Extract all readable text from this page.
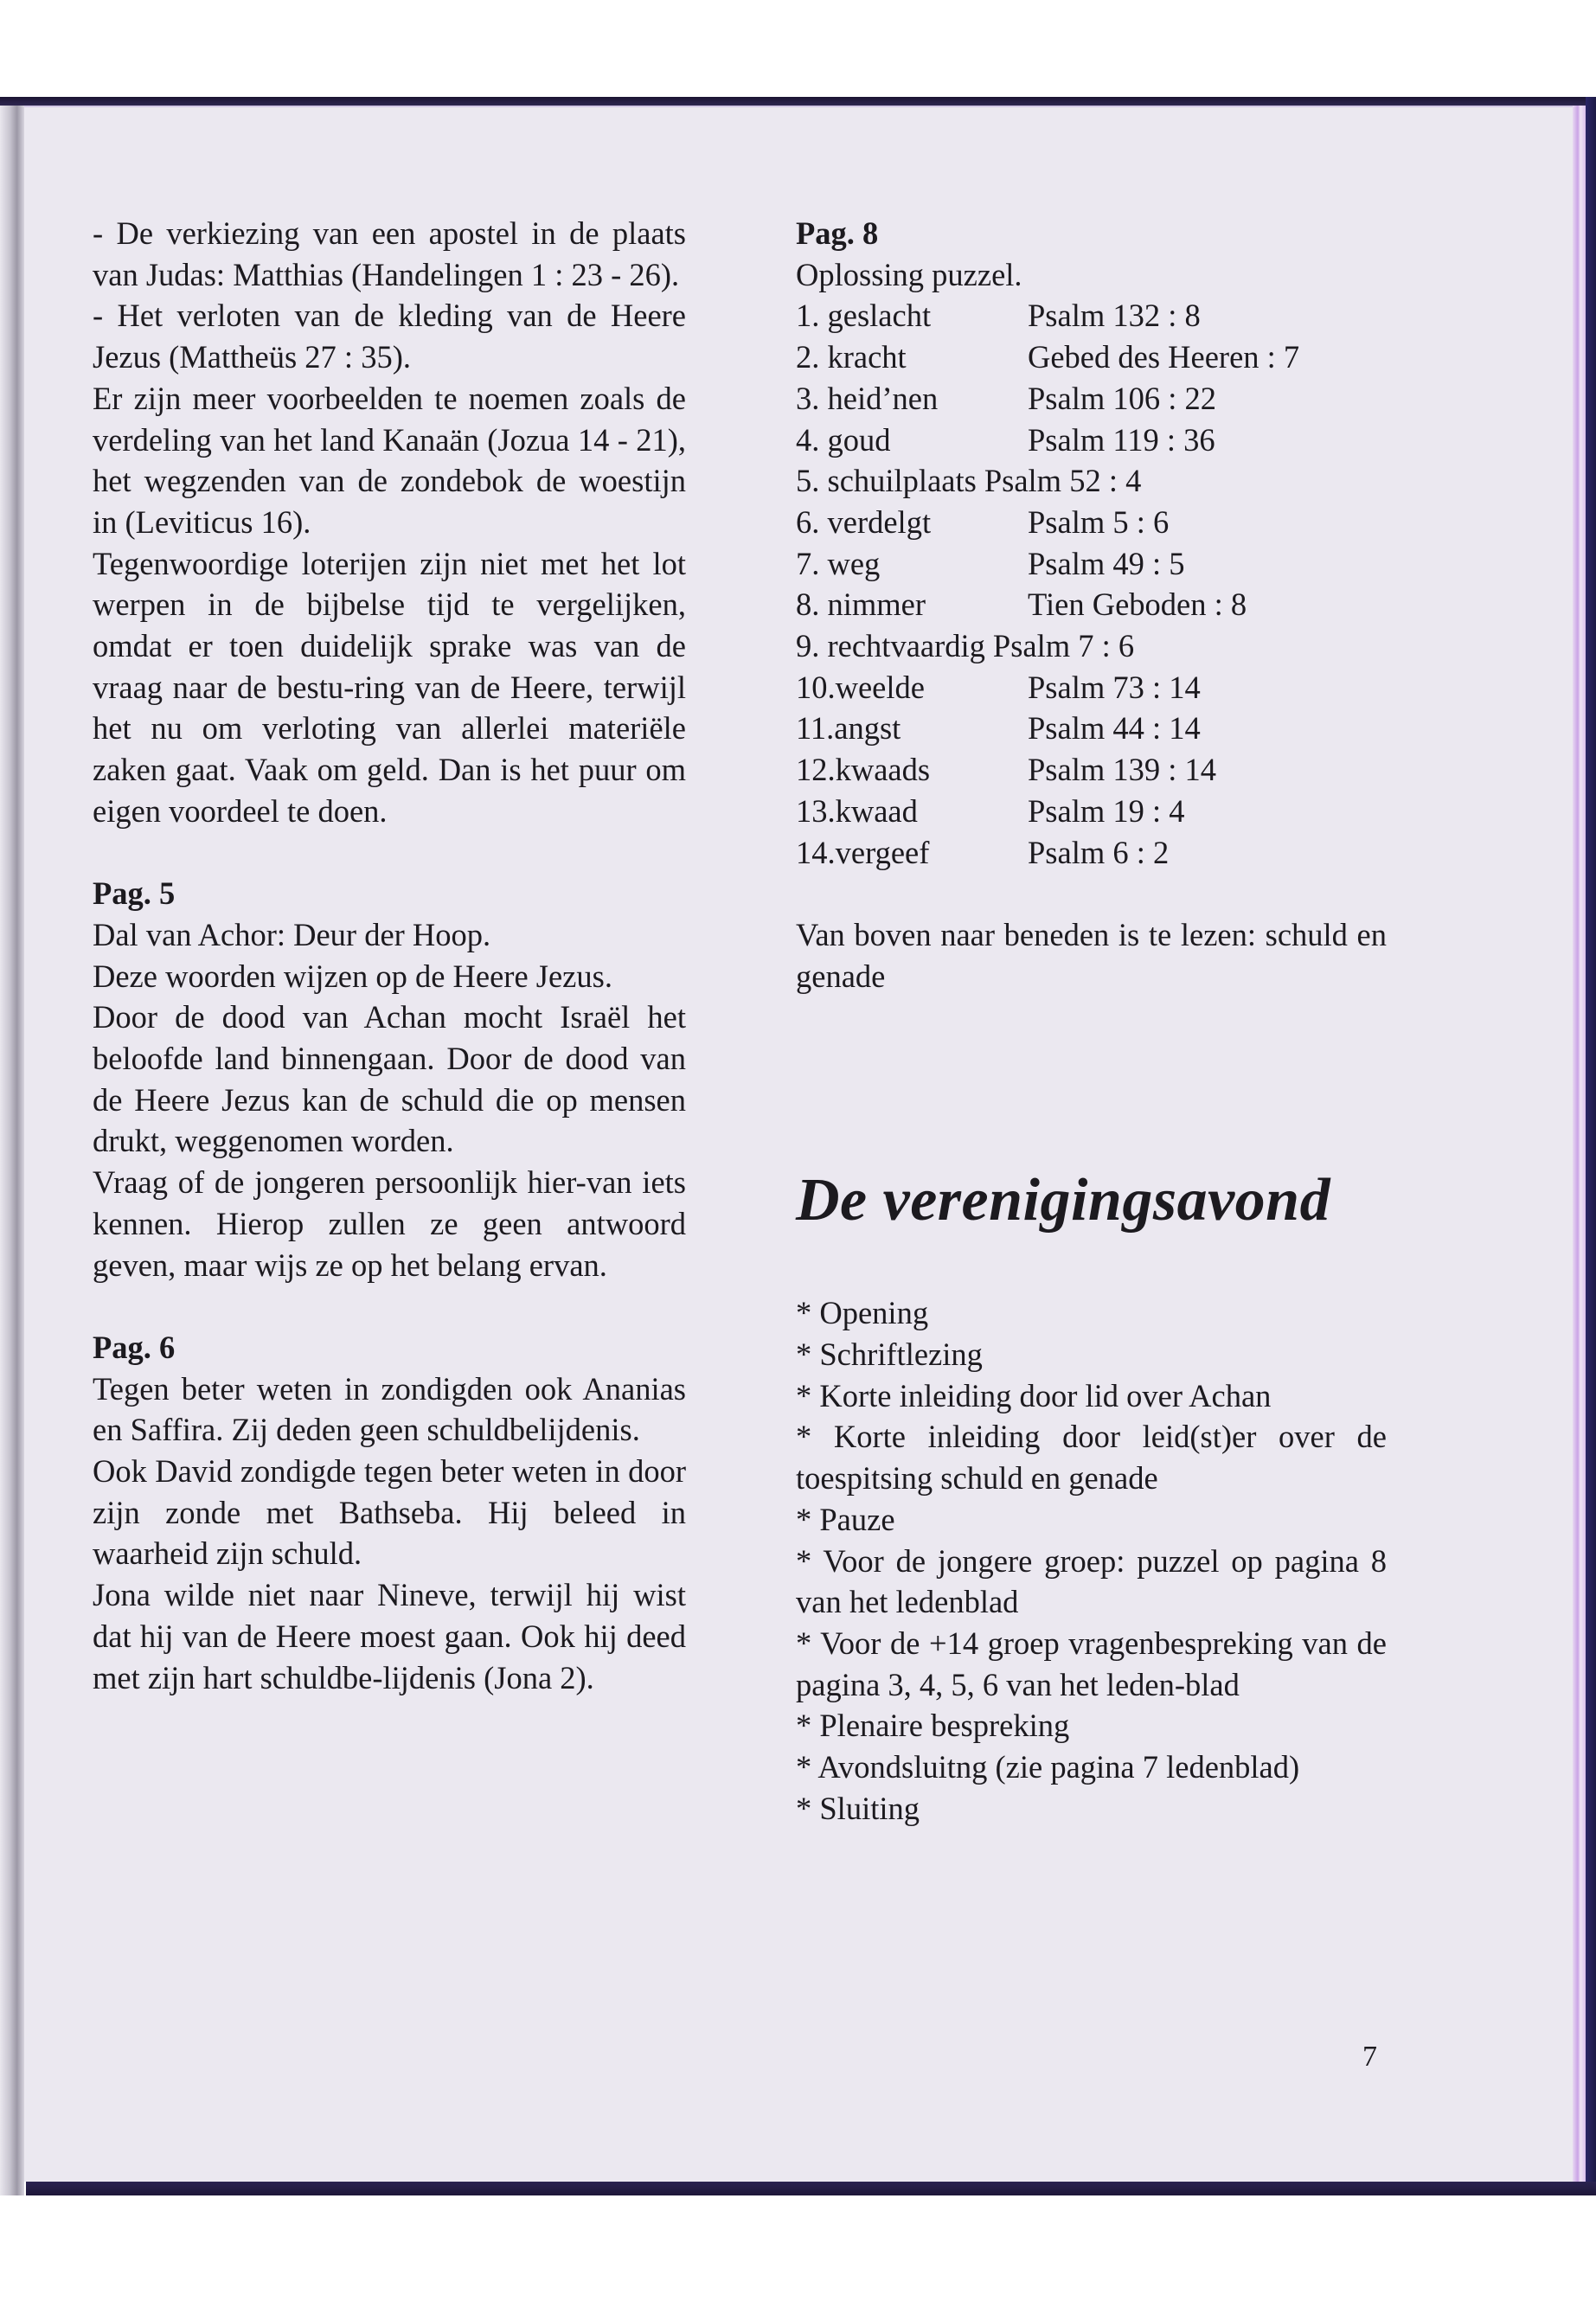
- De verkiezing van een apostel in de plaats van Judas: Matthias (Handelingen 1 : 23 - 26).

- Het verloten van de kleding van de Heere Jezus (Mattheüs 27 : 35).

Er zijn meer voorbeelden te noemen zoals de verdeling van het land Kanaän (Jozua 14 - 21), het wegzenden van de zondebok de woestijn in (Leviticus 16).

Tegenwoordige loterijen zijn niet met het lot werpen in de bijbelse tijd te vergelijken, omdat er toen duidelijk sprake was van de vraag naar de bestu-ring van de Heere, terwijl het nu om verloting van allerlei materiële zaken gaat. Vaak om geld. Dan is het puur om eigen voordeel te doen.

Pag. 5

Dal van Achor: Deur der Hoop.

Deze woorden wijzen op de Heere Jezus.

Door de dood van Achan mocht Israël het beloofde land binnengaan. Door de dood van de Heere Jezus kan de schuld die op mensen drukt, weggenomen worden.

Vraag of de jongeren persoonlijk hier-van iets kennen. Hierop zullen ze geen antwoord geven, maar wijs ze op het belang ervan.

Pag. 6

Tegen beter weten in zondigden ook Ananias en Saffira. Zij deden geen schuldbelijdenis.

Ook David zondigde tegen beter weten in door zijn zonde met Bathseba. Hij beleed in waarheid zijn schuld.

Jona wilde niet naar Nineve, terwijl hij wist dat hij van de Heere moest gaan. Ook hij deed met zijn hart schuldbe-lijdenis (Jona 2).

Pag. 8

Oplossing puzzel.

1. geslacht	Psalm 132 : 8
2. kracht	Gebed des Heeren : 7
3. heid’nen	Psalm 106 : 22
4. goud	Psalm 119 : 36
5. schuilplaats Psalm 52 : 4
6. verdelgt	Psalm 5 : 6
7. weg	Psalm 49 : 5
8. nimmer	Tien Geboden : 8
9. rechtvaardig Psalm 7 : 6
10.weelde	Psalm 73 : 14
11.angst	Psalm 44 : 14
12.kwaads	Psalm 139 : 14
13.kwaad	Psalm 19 : 4
14.vergeef	Psalm 6 : 2

Van boven naar beneden is te lezen: schuld en genade

De verenigingsavond

* Opening

* Schriftlezing

* Korte inleiding door lid over Achan

* Korte inleiding door leid(st)er over de toespitsing schuld en genade

* Pauze

* Voor de jongere groep: puzzel op pagina 8 van het ledenblad

* Voor de +14 groep vragenbespreking van de pagina 3, 4, 5, 6 van het leden-blad

* Plenaire bespreking

* Avondsluitng (zie pagina 7 ledenblad)

* Sluiting

7
